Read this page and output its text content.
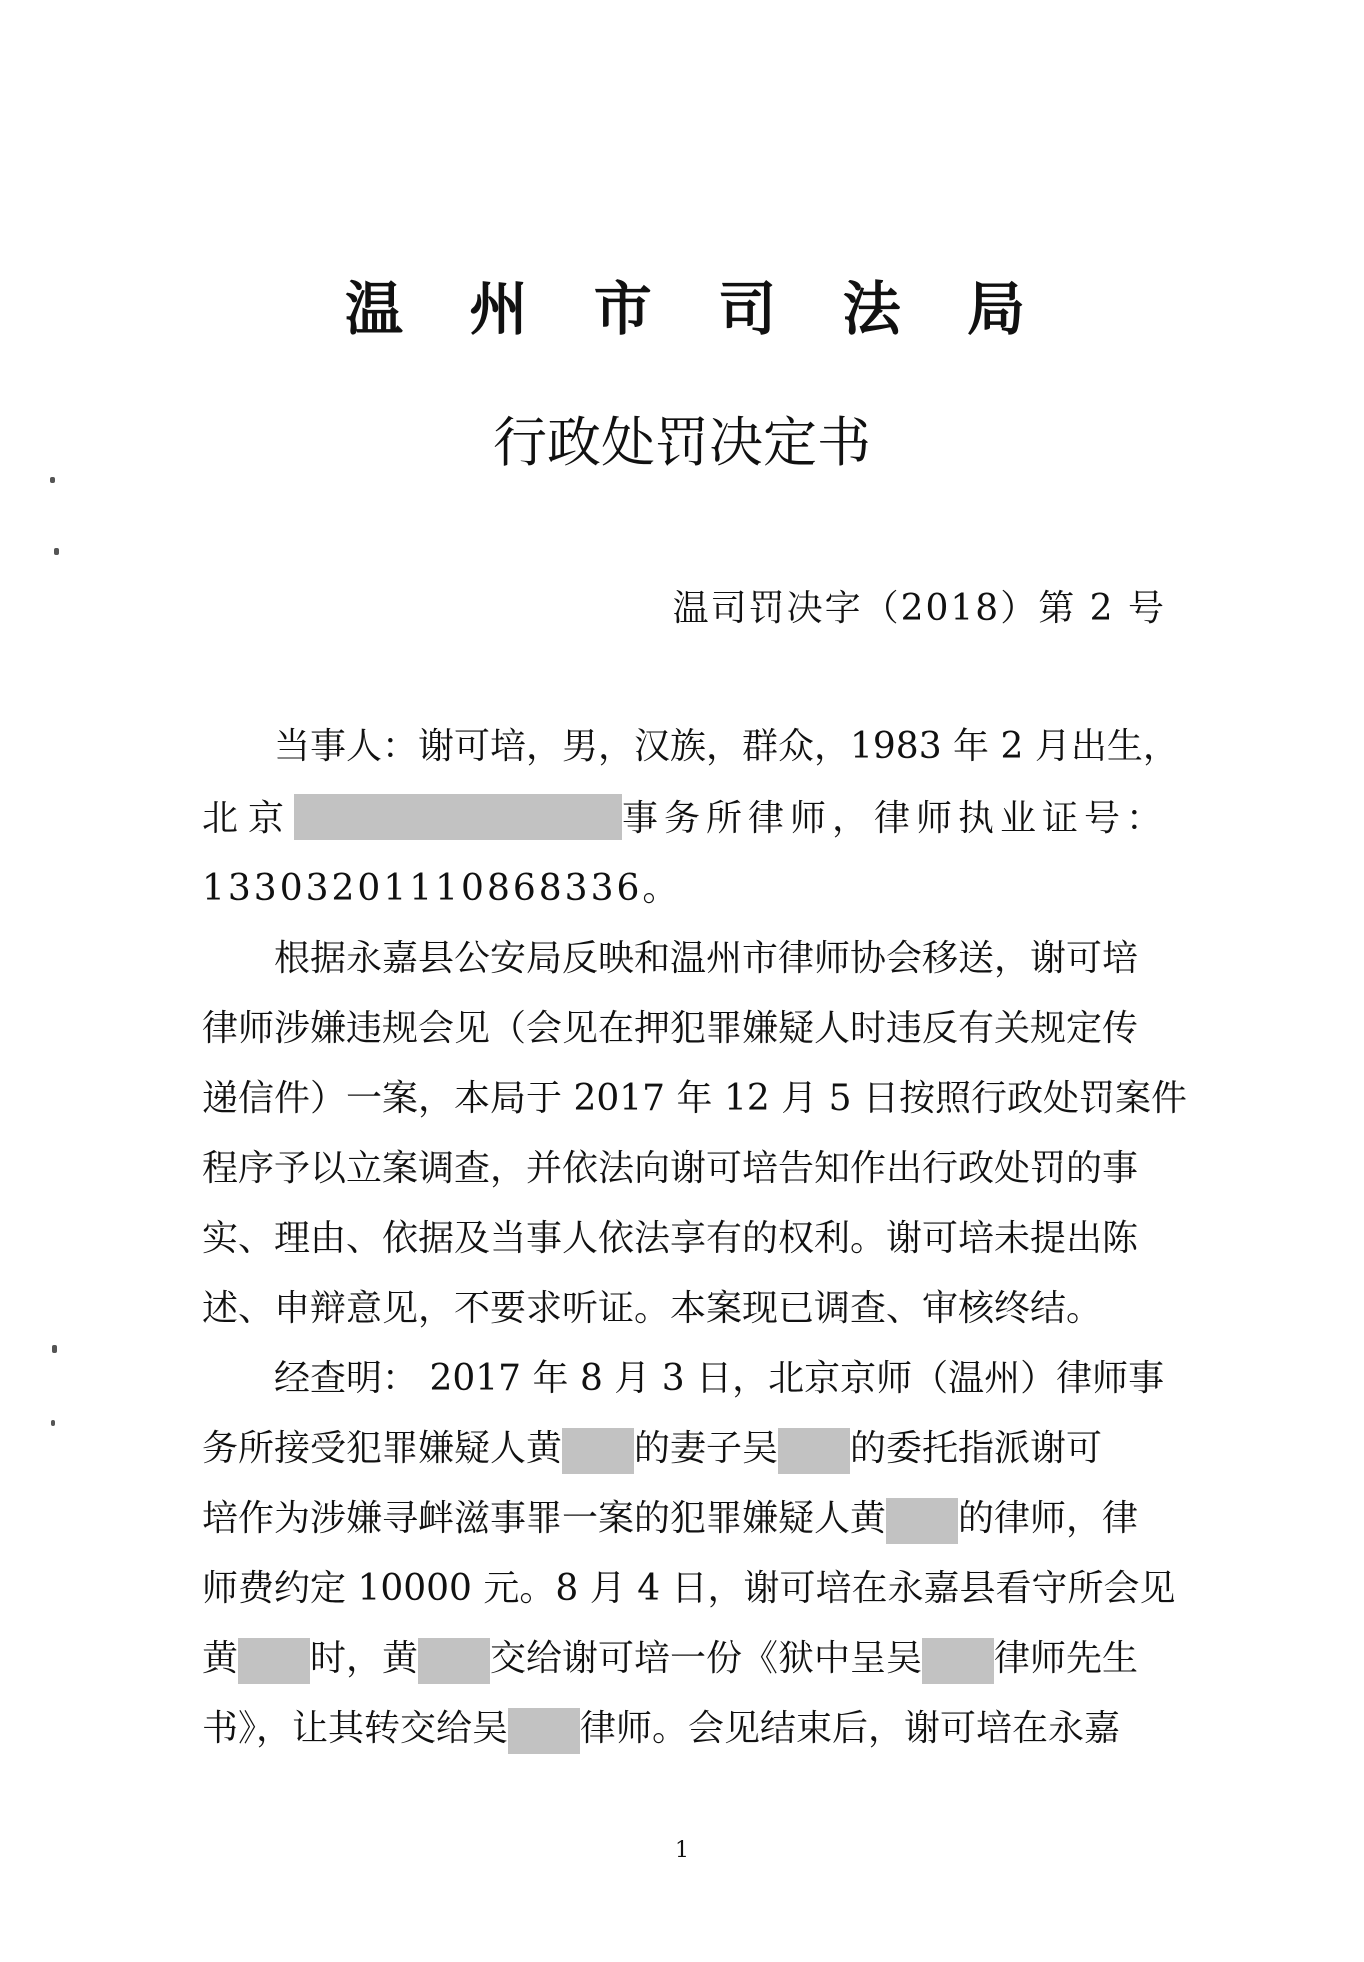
温 州 市 司 法 局
行政处罚决定书
温司罚决字（2018）第 2 号
当事人：谢可培，男，汉族，群众，1983 年 2 月出生，
北京	事务所律师，律师执业证号：
13303201110868336。
根据永嘉县公安局反映和温州市律师协会移送，谢可培
律师涉嫌违规会见（会见在押犯罪嫌疑人时违反有关规定传
递信件）一案，本局于 2017 年 12 月 5 日按照行政处罚案件
程序予以立案调查，并依法向谢可培告知作出行政处罚的事
实、理由、依据及当事人依法享有的权利。谢可培未提出陈
述、申辩意见，不要求听证。本案现已调查、审核终结。
经查明： 2017 年 8 月 3 日，北京京师（温州）律师事
务所接受犯罪嫌疑人黄 的妻子吴 的委托指派谢可
培作为涉嫌寻衅滋事罪一案的犯罪嫌疑人黄 的律师，律
师费约定 10000 元。8 月 4 日，谢可培在永嘉县看守所会见
黄 时，黄 交给谢可培一份《狱中呈吴 律师先生
书》，让其转交给吴 律师。会见结束后，谢可培在永嘉
1
